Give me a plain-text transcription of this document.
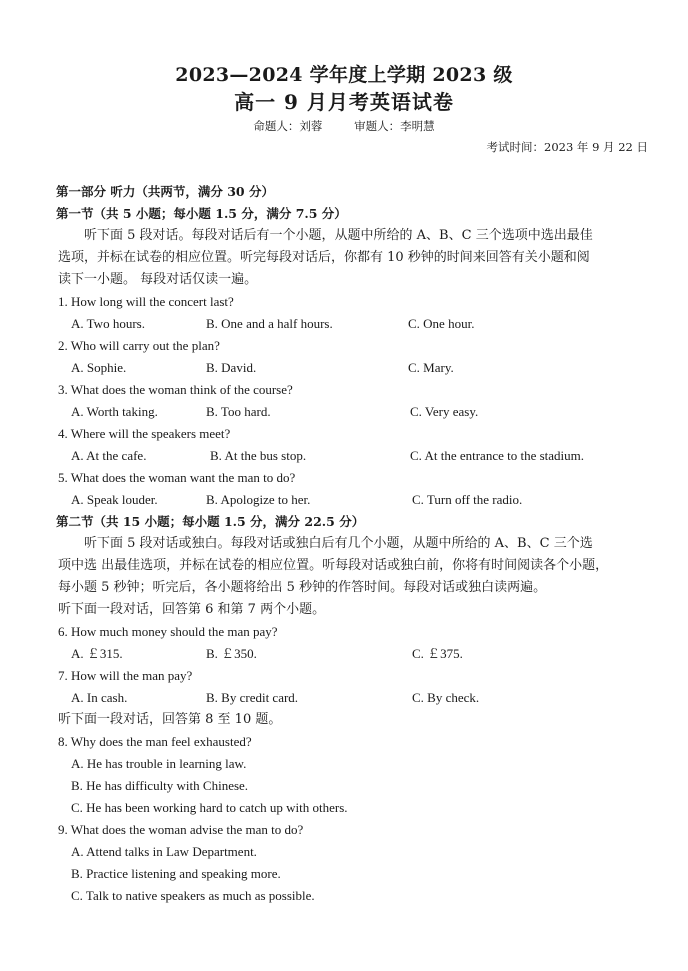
2023—2024 学年度上学期 2023 级
高一 9 月月考英语试卷
命题人：刘蓉	审题人：李明慧
考试时间：2023 年 9 月 22 日
第一部分 听力（共两节，满分 30 分）
第一节（共 5 小题；每小题 1.5 分，满分 7.5 分）
听下面 5 段对话。每段对话后有一个小题，从题中所给的 A、B、C 三个选项中选出最佳
选项，并标在试卷的相应位置。听完每段对话后，你都有 10 秒钟的时间来回答有关小题和阅
读下一小题。 每段对话仅读一遍。
1. How long will the concert last?
A. Two hours.	B. One and a half hours.	C. One hour.
2. Who will carry out the plan?
A. Sophie.	B. David.	C. Mary.
3. What does the woman think of the course?
A. Worth taking.	B. Too hard.	C. Very easy.
4. Where will the speakers meet?
A. At the cafe.	B. At the bus stop.	C. At the entrance to the stadium.
5. What does the woman want the man to do?
A. Speak louder.	B. Apologize to her.	C. Turn off the radio.
第二节（共 15 小题；每小题 1.5 分，满分 22.5 分）
听下面 5 段对话或独白。每段对话或独白后有几个小题，从题中所给的 A、B、C 三个选
项中选 出最佳选项，并标在试卷的相应位置。听每段对话或独白前，你将有时间阅读各个小题，
每小题 5 秒钟；听完后，各小题将给出 5 秒钟的作答时间。每段对话或独白读两遍。
听下面一段对话，回答第 6 和第 7 两个小题。
6. How much money should the man pay?
A. ￡315.	B. ￡350.	C. ￡375.
7. How will the man pay?
A. In cash.	B. By credit card.	C. By check.
听下面一段对话，回答第 8 至 10 题。
8. Why does the man feel exhausted?
A. He has trouble in learning law.
B. He has difficulty with Chinese.
C. He has been working hard to catch up with others.
9. What does the woman advise the man to do?
A. Attend talks in Law Department.
B. Practice listening and speaking more.
C. Talk to native speakers as much as possible.
